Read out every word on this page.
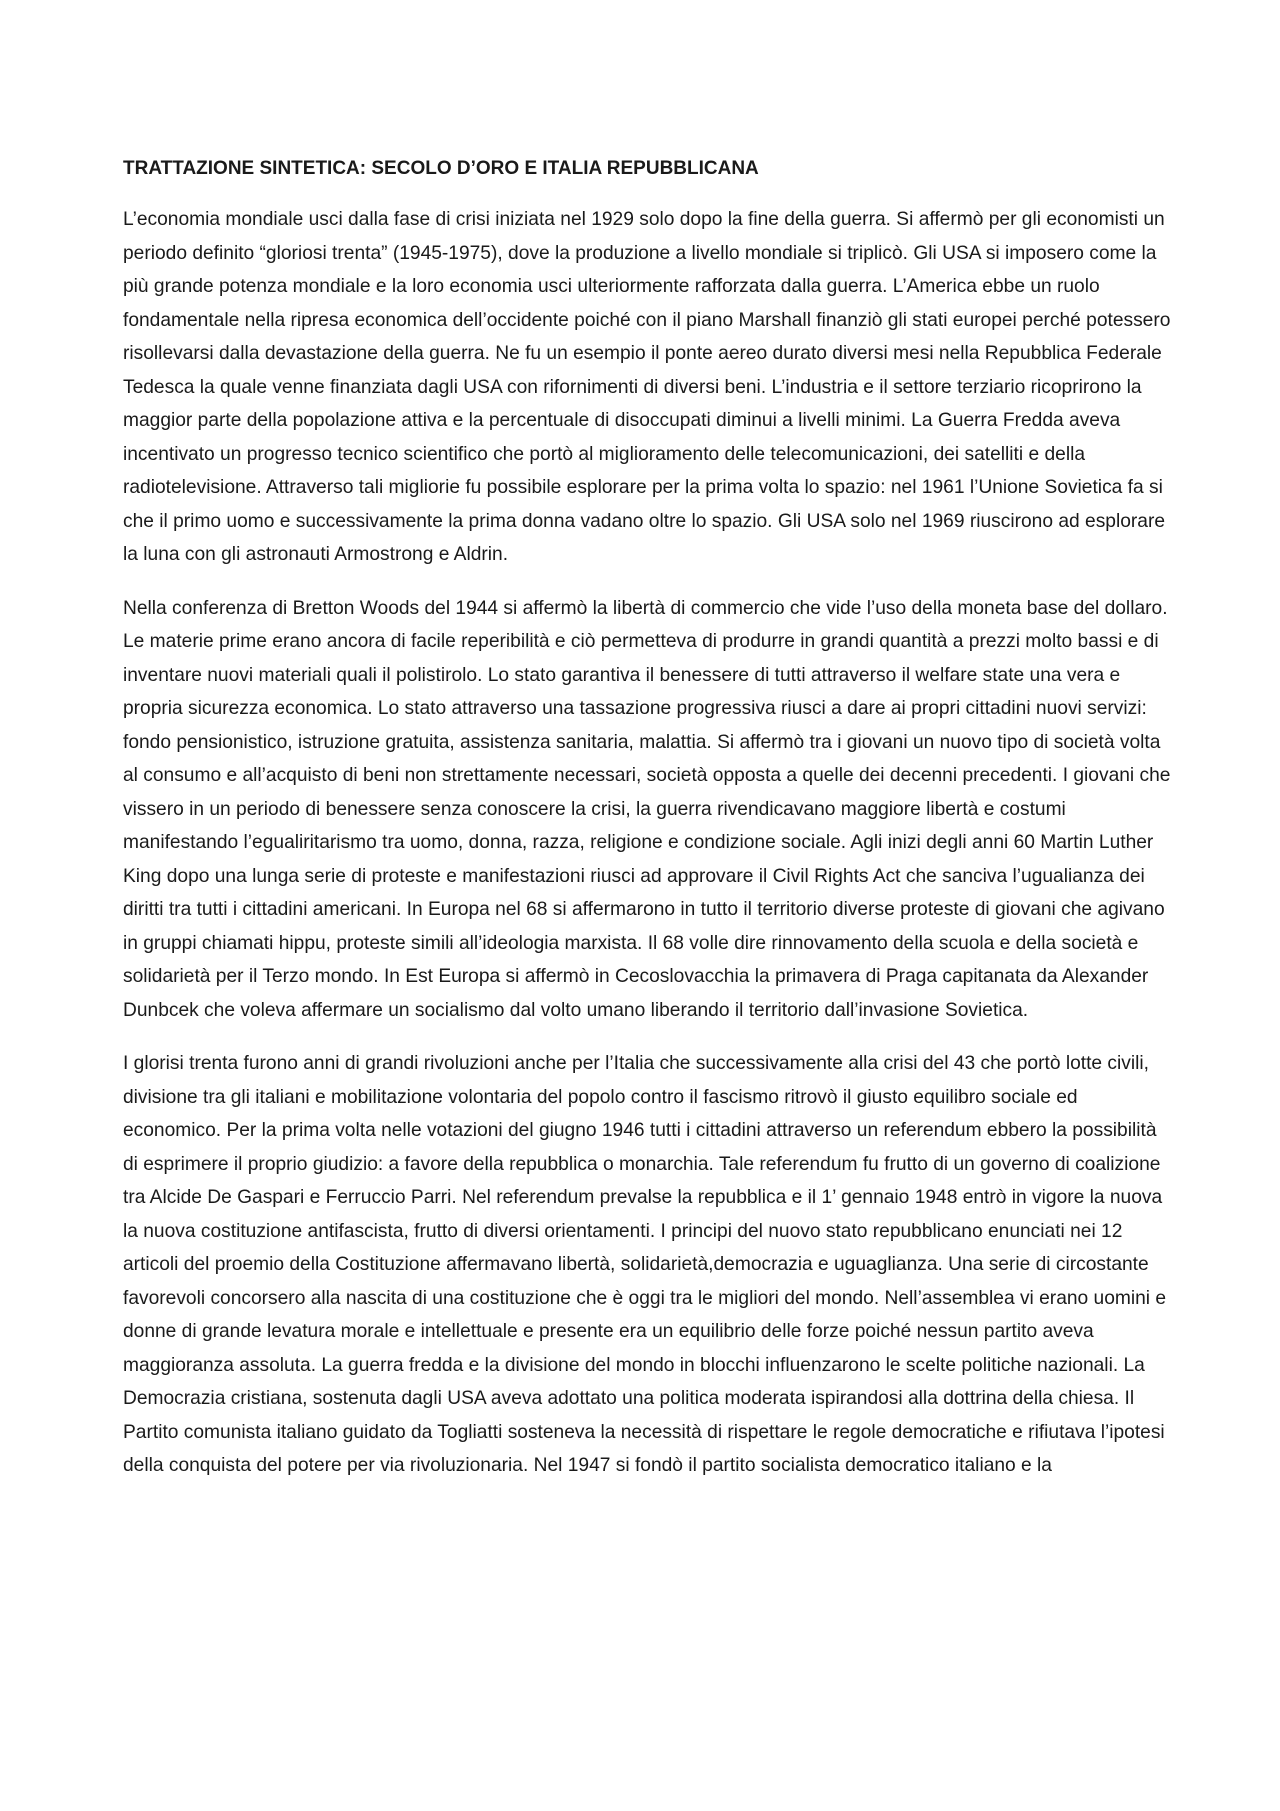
TRATTAZIONE SINTETICA: SECOLO D’ORO E ITALIA REPUBBLICANA

L’economia mondiale usci dalla fase di crisi iniziata nel 1929 solo dopo la fine della guerra. Si affermò per gli economisti un periodo definito “gloriosi trenta” (1945-1975), dove la produzione a livello mondiale si triplicò. Gli USA si imposero come la più grande potenza mondiale e la loro economia usci ulteriormente rafforzata dalla guerra. L’America ebbe un ruolo fondamentale nella ripresa economica dell’occidente poiché con il piano Marshall finanziò gli stati europei perché potessero risollevarsi dalla devastazione della guerra. Ne fu un esempio il ponte aereo durato diversi mesi nella Repubblica Federale Tedesca la quale venne finanziata dagli USA con rifornimenti di diversi beni. L’industria e il settore terziario ricoprirono la maggior parte della popolazione attiva e la percentuale di disoccupati diminui a livelli minimi. La Guerra Fredda aveva incentivato un progresso tecnico scientifico che portò al miglioramento delle telecomunicazioni, dei satelliti e della radiotelevisione. Attraverso tali migliorie fu possibile esplorare per la prima volta lo spazio: nel 1961 l’Unione Sovietica fa si che il primo uomo e successivamente la prima donna vadano oltre lo spazio. Gli USA solo nel 1969 riuscirono ad esplorare la luna con gli astronauti Armostrong e Aldrin.

Nella conferenza di Bretton Woods del 1944 si affermò la libertà di commercio che vide l’uso della moneta base del dollaro. Le materie prime erano ancora di facile reperibilità e ciò permetteva di produrre in grandi quantità a prezzi molto bassi e di inventare nuovi materiali quali il polistirolo. Lo stato garantiva il benessere di tutti attraverso il welfare state una vera e propria sicurezza economica. Lo stato attraverso una tassazione progressiva riusci a dare ai propri cittadini nuovi servizi: fondo pensionistico, istruzione gratuita, assistenza sanitaria, malattia. Si affermò tra i giovani un nuovo tipo di società volta al consumo e all’acquisto di beni non strettamente necessari, società opposta a quelle dei decenni precedenti. I giovani che vissero in un periodo di benessere senza conoscere la crisi, la guerra rivendicavano maggiore libertà e costumi manifestando l’egualiritarismo tra uomo, donna, razza, religione e condizione sociale. Agli inizi degli anni 60 Martin Luther King dopo una lunga serie di proteste e manifestazioni riusci ad approvare il Civil Rights Act che sanciva l’ugualianza dei diritti tra tutti i cittadini americani. In Europa nel 68 si affermarono in tutto il territorio diverse proteste di giovani che agivano in gruppi chiamati hippu, proteste simili all’ideologia marxista. Il 68 volle dire rinnovamento della scuola e della società e solidarietà per il Terzo mondo. In Est Europa si affermò in Cecoslovacchia la primavera di Praga capitanata da Alexander Dunbcek che voleva affermare un socialismo dal volto umano liberando il territorio dall’invasione Sovietica.

I glorisi trenta furono anni di grandi rivoluzioni anche per l’Italia che successivamente alla crisi del 43 che portò lotte civili, divisione tra gli italiani e mobilitazione volontaria del popolo contro il fascismo ritrovò il giusto equilibro sociale ed economico. Per la prima volta nelle votazioni del giugno 1946 tutti i cittadini attraverso un referendum ebbero la possibilità di esprimere il proprio giudizio: a favore della repubblica o monarchia. Tale referendum fu frutto di un governo di coalizione tra Alcide De Gaspari e Ferruccio Parri. Nel referendum prevalse la repubblica e il 1’ gennaio 1948 entrò in vigore la nuova la nuova costituzione antifascista, frutto di diversi orientamenti. I principi del nuovo stato repubblicano enunciati nei 12 articoli del proemio della Costituzione affermavano libertà, solidarietà,democrazia e uguaglianza. Una serie di circostante favorevoli concorsero alla nascita di una costituzione che è oggi tra le migliori del mondo. Nell’assemblea vi erano uomini e donne di grande levatura morale e intellettuale e presente era un equilibrio delle forze poiché nessun partito aveva maggioranza assoluta. La guerra fredda e la divisione del mondo in blocchi influenzarono le scelte politiche nazionali. La Democrazia cristiana, sostenuta dagli USA aveva adottato una politica moderata ispirandosi alla dottrina della chiesa. Il Partito comunista italiano guidato da Togliatti sosteneva la necessità di rispettare le regole democratiche e rifiutava l’ipotesi della conquista del potere per via rivoluzionaria. Nel 1947 si fondò il partito socialista democratico italiano e la
